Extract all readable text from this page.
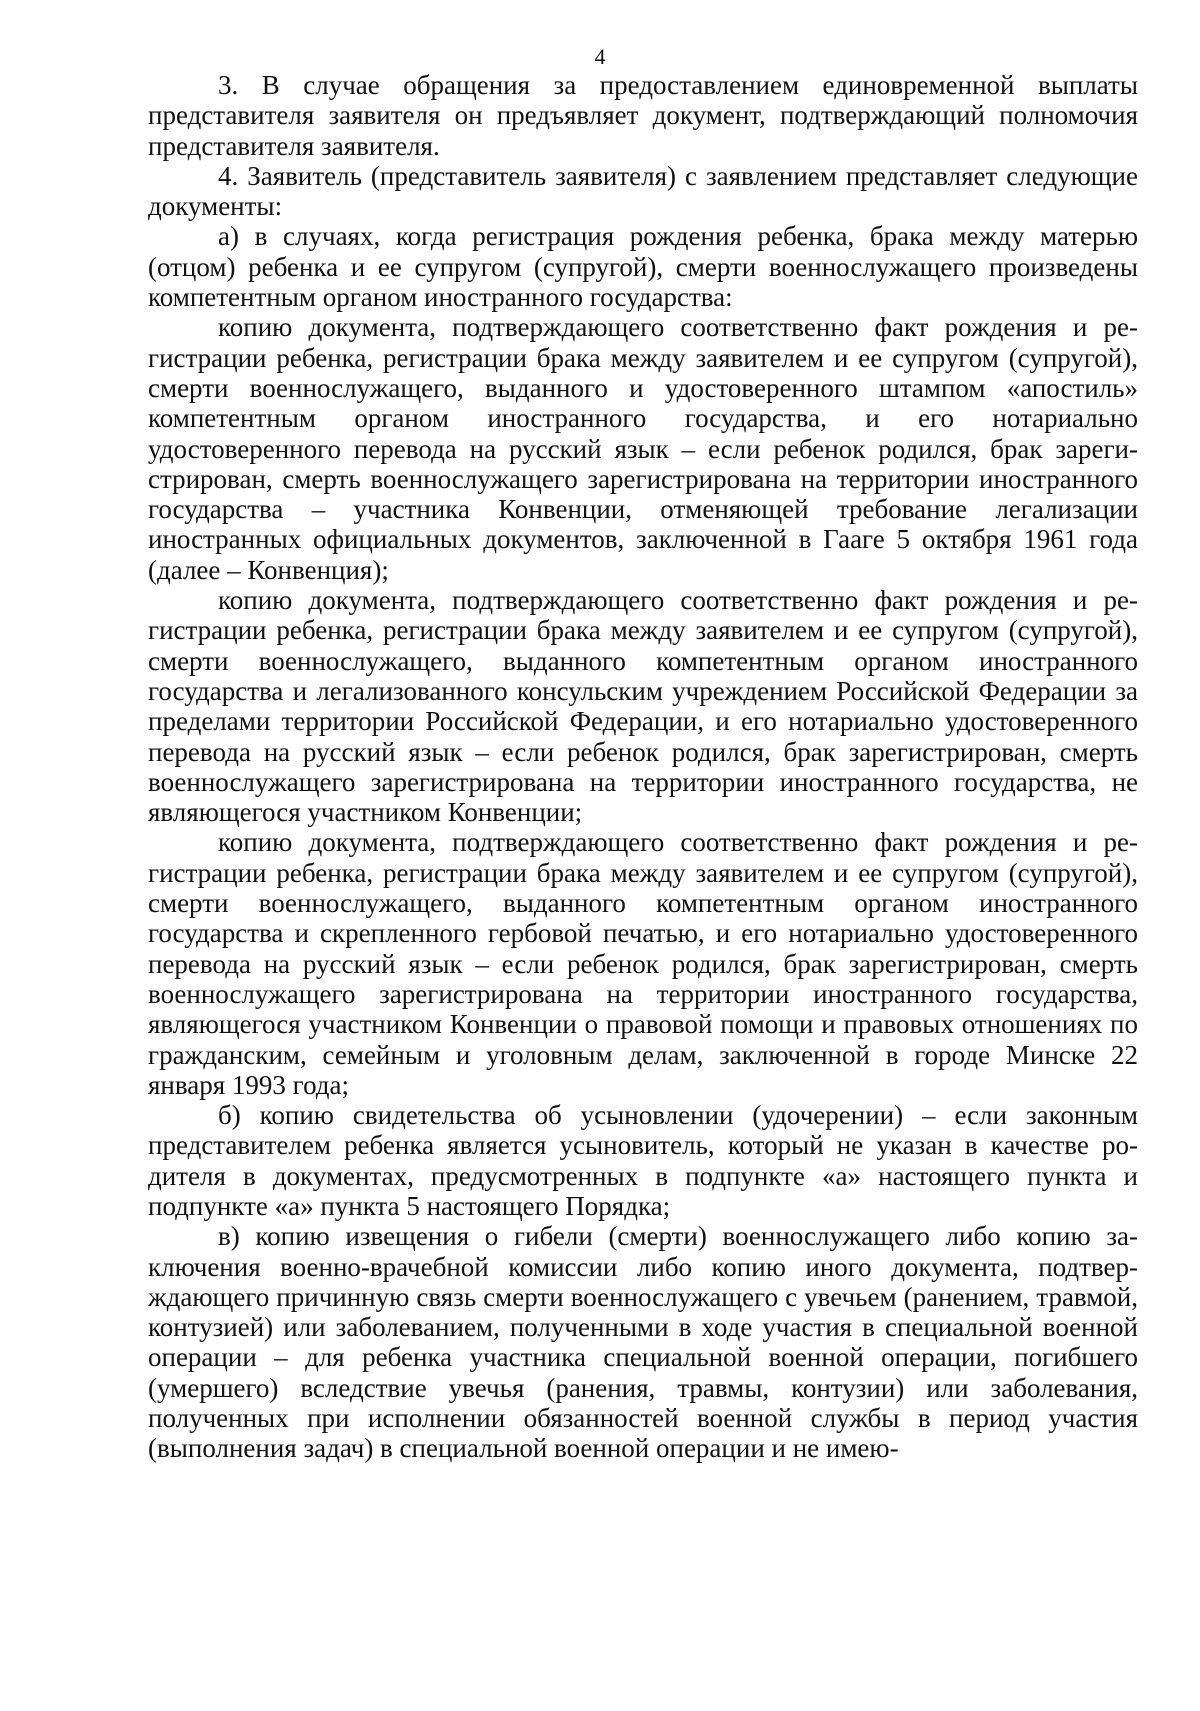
4

3. В случае обращения за предоставлением единовременной выплаты представителя заявителя он предъявляет документ, подтверждающий полномочия представителя заявителя.

4. Заявитель (представитель заявителя) с заявлением представляет следующие документы:

а) в случаях, когда регистрация рождения ребенка, брака между матерью (отцом) ребенка и ее супругом (супругой), смерти военнослужащего произведены компетентным органом иностранного государства:

копию документа, подтверждающего соответственно факт рождения и регистрации ребенка, регистрации брака между заявителем и ее супругом (супругой), смерти военнослужащего, выданного и удостоверенного штампом «апостиль» компетентным органом иностранного государства, и его нотариально удостоверенного перевода на русский язык – если ребенок родился, брак зарегистрирован, смерть военнослужащего зарегистрирована на территории иностранного государства – участника Конвенции, отменяющей требование легализации иностранных официальных документов, заключенной в Гааге 5 октября 1961 года (далее – Конвенция);

копию документа, подтверждающего соответственно факт рождения и регистрации ребенка, регистрации брака между заявителем и ее супругом (супругой), смерти военнослужащего, выданного компетентным органом иностранного государства и легализованного консульским учреждением Российской Федерации за пределами территории Российской Федерации, и его нотариально удостоверенного перевода на русский язык – если ребенок родился, брак зарегистрирован, смерть военнослужащего зарегистрирована на территории иностранного государства, не являющегося участником Конвенции;

копию документа, подтверждающего соответственно факт рождения и регистрации ребенка, регистрации брака между заявителем и ее супругом (супругой), смерти военнослужащего, выданного компетентным органом иностранного государства и скрепленного гербовой печатью, и его нотариально удостоверенного перевода на русский язык – если ребенок родился, брак зарегистрирован, смерть военнослужащего зарегистрирована на территории иностранного государства, являющегося участником Конвенции о правовой помощи и правовых отношениях по гражданским, семейным и уголовным делам, заключенной в городе Минске 22 января 1993 года;

б) копию свидетельства об усыновлении (удочерении) – если законным представителем ребенка является усыновитель, который не указан в качестве родителя в документах, предусмотренных в подпункте «а» настоящего пункта и подпункте «а» пункта 5 настоящего Порядка;

в) копию извещения о гибели (смерти) военнослужащего либо копию заключения военно-врачебной комиссии либо копию иного документа, подтверждающего причинную связь смерти военнослужащего с увечьем (ранением, травмой, контузией) или заболеванием, полученными в ходе участия в специальной военной операции – для ребенка участника специальной военной операции, погибшего (умершего) вследствие увечья (ранения, травмы, контузии) или заболевания, полученных при исполнении обязанностей военной службы в период участия (выполнения задач) в специальной военной операции и не имею-
